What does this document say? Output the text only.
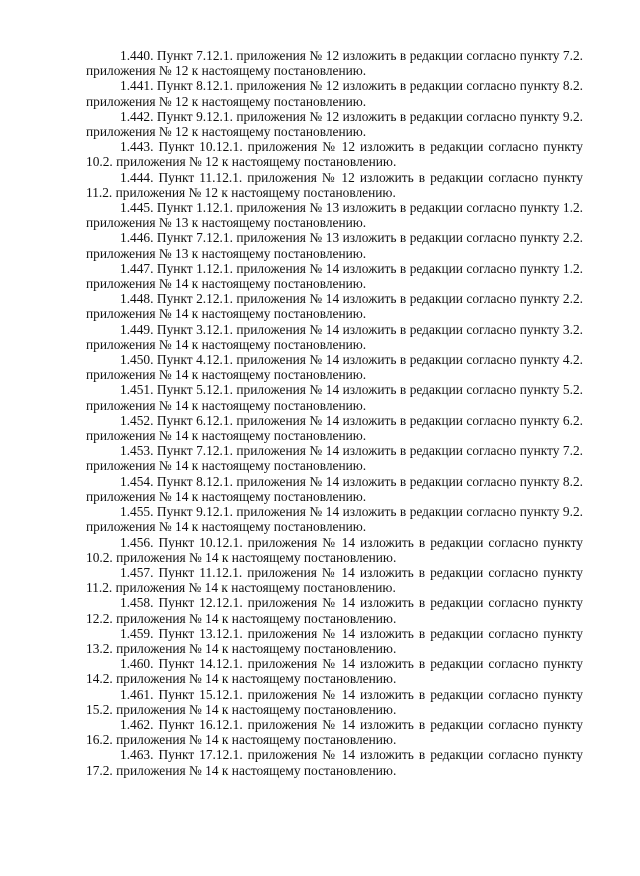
1.440. Пункт 7.12.1. приложения № 12 изложить в редакции согласно пункту 7.2. приложения № 12 к настоящему постановлению.

1.441. Пункт 8.12.1. приложения № 12 изложить в редакции согласно пункту 8.2. приложения № 12 к настоящему постановлению.

1.442. Пункт 9.12.1. приложения № 12 изложить в редакции согласно пункту 9.2. приложения № 12 к настоящему постановлению.

1.443. Пункт 10.12.1. приложения № 12 изложить в редакции согласно пункту 10.2. приложения № 12 к настоящему постановлению.

1.444. Пункт 11.12.1. приложения № 12 изложить в редакции согласно пункту 11.2. приложения № 12 к настоящему постановлению.

1.445. Пункт 1.12.1. приложения № 13 изложить в редакции согласно пункту 1.2. приложения № 13 к настоящему постановлению.

1.446. Пункт 7.12.1. приложения № 13 изложить в редакции согласно пункту 2.2. приложения № 13 к настоящему постановлению.

1.447. Пункт 1.12.1. приложения № 14 изложить в редакции согласно пункту 1.2. приложения № 14 к настоящему постановлению.

1.448. Пункт 2.12.1. приложения № 14 изложить в редакции согласно пункту 2.2. приложения № 14 к настоящему постановлению.

1.449. Пункт 3.12.1. приложения № 14 изложить в редакции согласно пункту 3.2. приложения № 14 к настоящему постановлению.

1.450. Пункт 4.12.1. приложения № 14 изложить в редакции согласно пункту 4.2. приложения № 14 к настоящему постановлению.

1.451. Пункт 5.12.1. приложения № 14 изложить в редакции согласно пункту 5.2. приложения № 14 к настоящему постановлению.

1.452. Пункт 6.12.1. приложения № 14 изложить в редакции согласно пункту 6.2. приложения № 14 к настоящему постановлению.

1.453. Пункт 7.12.1. приложения № 14 изложить в редакции согласно пункту 7.2. приложения № 14 к настоящему постановлению.

1.454. Пункт 8.12.1. приложения № 14 изложить в редакции согласно пункту 8.2. приложения № 14 к настоящему постановлению.

1.455. Пункт 9.12.1. приложения № 14 изложить в редакции согласно пункту 9.2. приложения № 14 к настоящему постановлению.

1.456. Пункт 10.12.1. приложения № 14 изложить в редакции согласно пункту 10.2. приложения № 14 к настоящему постановлению.

1.457. Пункт 11.12.1. приложения № 14 изложить в редакции согласно пункту 11.2. приложения № 14 к настоящему постановлению.

1.458. Пункт 12.12.1. приложения № 14 изложить в редакции согласно пункту 12.2. приложения № 14 к настоящему постановлению.

1.459. Пункт 13.12.1. приложения № 14 изложить в редакции согласно пункту 13.2. приложения № 14 к настоящему постановлению.

1.460. Пункт 14.12.1. приложения № 14 изложить в редакции согласно пункту 14.2. приложения № 14 к настоящему постановлению.

1.461. Пункт 15.12.1. приложения № 14 изложить в редакции согласно пункту 15.2. приложения № 14 к настоящему постановлению.

1.462. Пункт 16.12.1. приложения № 14 изложить в редакции согласно пункту 16.2. приложения № 14 к настоящему постановлению.

1.463. Пункт 17.12.1. приложения № 14 изложить в редакции согласно пункту 17.2. приложения № 14 к настоящему постановлению.
